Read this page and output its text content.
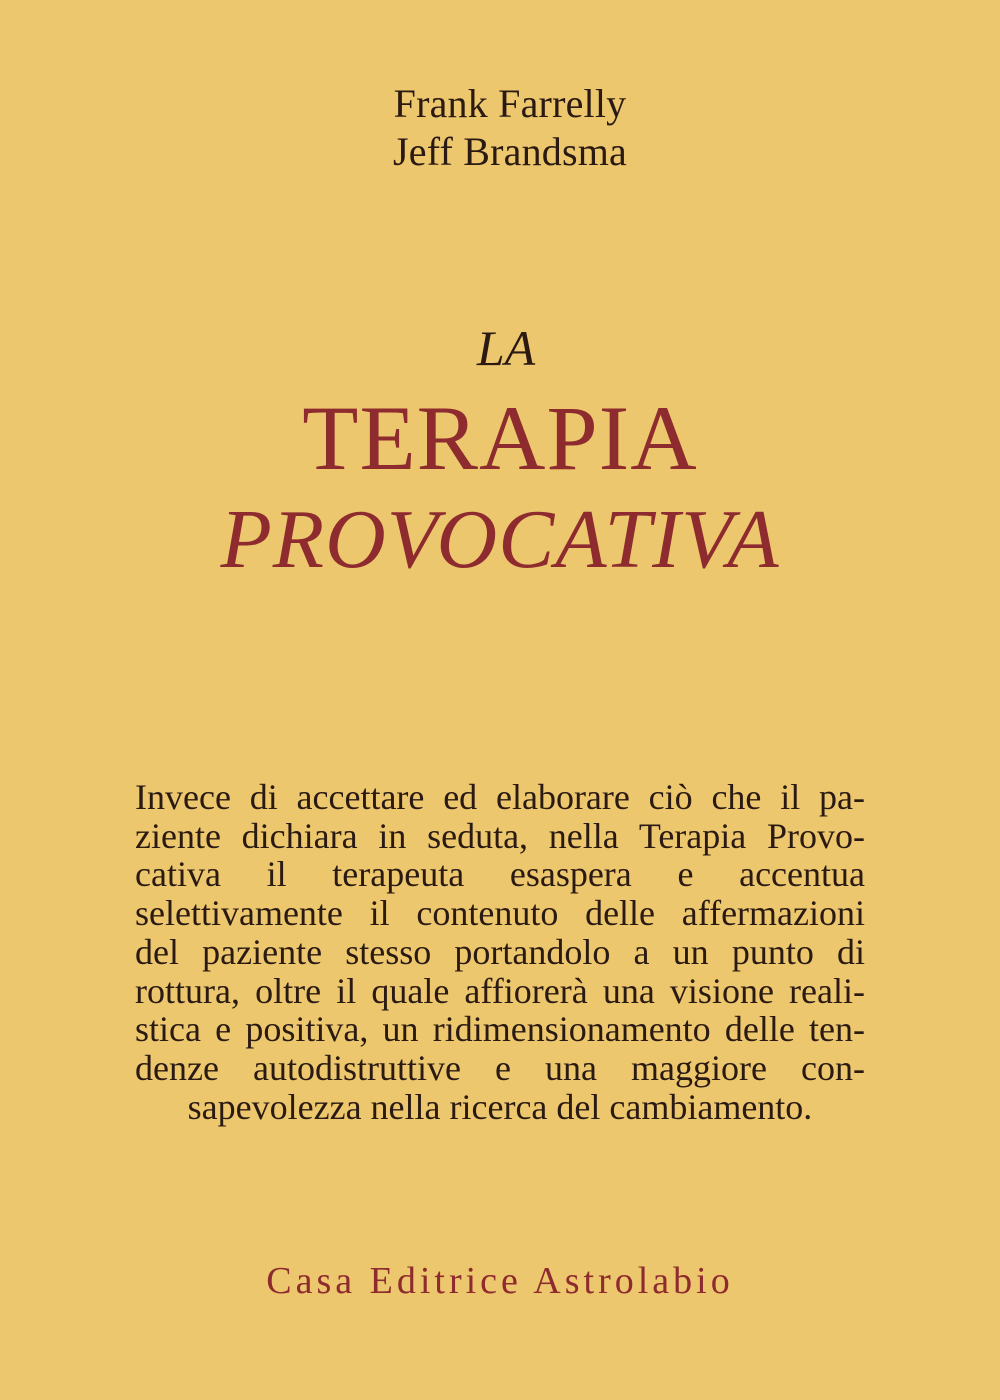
Frank Farrelly
Jeff Brandsma
LA
TERAPIA
PROVOCATIVA
Invece di accettare ed elaborare ciò che il pa-
ziente dichiara in seduta, nella Terapia Provo-
cativa il terapeuta esaspera e accentua
selettivamente il contenuto delle affermazioni
del paziente stesso portandolo a un punto di
rottura, oltre il quale affiorerà una visione reali-
stica e positiva, un ridimensionamento delle ten-
denze autodistruttive e una maggiore con-
sapevolezza nella ricerca del cambiamento.
Casa Editrice Astrolabio
